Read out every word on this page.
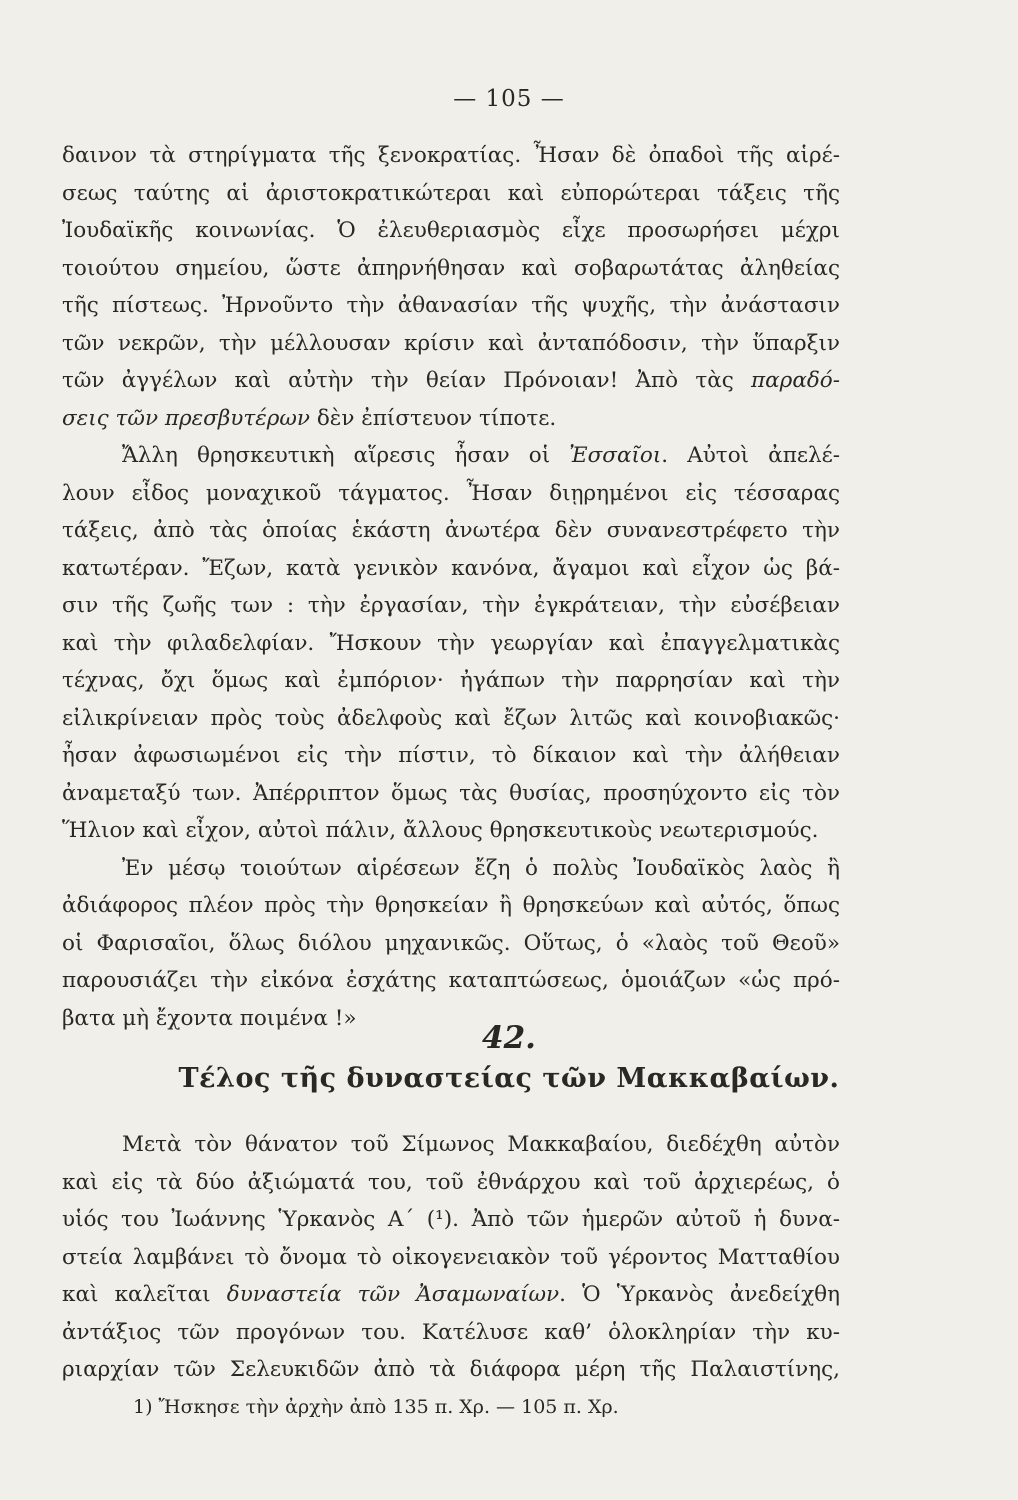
— 105 —
δαινον τὰ στηρίγματα τῆς ξενοκρατίας. Ἦσαν δὲ ὀπαδοὶ τῆς αἱρέ-
σεως ταύτης αἱ ἀριστοκρατικώτεραι καὶ εὐπορώτεραι τάξεις τῆς
Ἰουδαϊκῆς κοινωνίας. Ὁ ἐλευθεριασμὸς εἶχε προσωρήσει μέχρι
τοιούτου σημείου, ὥστε ἀπηρνήθησαν καὶ σοβαρωτάτας ἀληθείας
τῆς πίστεως. Ἠρνοῦντο τὴν ἀθανασίαν τῆς ψυχῆς, τὴν ἀνάστασιν
τῶν νεκρῶν, τὴν μέλλουσαν κρίσιν καὶ ἀνταπόδοσιν, τὴν ὕπαρξιν
τῶν ἀγγέλων καὶ αὐτὴν τὴν θείαν Πρόνοιαν! Ἀπὸ τὰς παραδό-
σεις τῶν πρεσβυτέρων δὲν ἐπίστευον τίποτε.
Ἄλλη θρησκευτικὴ αἵρεσις ἦσαν οἱ Ἐσσαῖοι. Αὐτοὶ ἀπελέ-
λουν εἶδος μοναχικοῦ τάγματος. Ἦσαν διῃρημένοι εἰς τέσσαρας
τάξεις, ἀπὸ τὰς ὁποίας ἑκάστη ἀνωτέρα δὲν συνανεστρέφετο τὴν
κατωτέραν. Ἔζων, κατὰ γενικὸν κανόνα, ἄγαμοι καὶ εἶχον ὡς βά-
σιν τῆς ζωῆς των : τὴν ἐργασίαν, τὴν ἐγκράτειαν, τὴν εὐσέβειαν
καὶ τὴν φιλαδελφίαν. Ἤσκουν τὴν γεωργίαν καὶ ἐπαγγελματικὰς
τέχνας, ὄχι ὅμως καὶ ἐμπόριον· ἠγάπων τὴν παρρησίαν καὶ τὴν
εἰλικρίνειαν πρὸς τοὺς ἀδελφοὺς καὶ ἔζων λιτῶς καὶ κοινοβιακῶς·
ἦσαν ἀφωσιωμένοι εἰς τὴν πίστιν, τὸ δίκαιον καὶ τὴν ἀλήθειαν
ἀναμεταξύ των. Ἀπέρριπτον ὅμως τὰς θυσίας, προσηύχοντο εἰς τὸν
Ἥλιον καὶ εἶχον, αὐτοὶ πάλιν, ἄλλους θρησκευτικοὺς νεωτερισμούς.
Ἐν μέσῳ τοιούτων αἱρέσεων ἔζη ὁ πολὺς Ἰουδαϊκὸς λαὸς ἢ
ἀδιάφορος πλέον πρὸς τὴν θρησκείαν ἢ θρησκεύων καὶ αὐτός, ὅπως
οἱ Φαρισαῖοι, ὅλως διόλου μηχανικῶς. Οὕτως, ὁ «λαὸς τοῦ Θεοῦ»
παρουσιάζει τὴν εἰκόνα ἐσχάτης καταπτώσεως, ὁμοιάζων «ὡς πρό-
βατα μὴ ἔχοντα ποιμένα !»
42.
Τέλος τῆς δυναστείας τῶν Μακκαβαίων.
Μετὰ τὸν θάνατον τοῦ Σίμωνος Μακκαβαίου, διεδέχθη αὐτὸν
καὶ εἰς τὰ δύο ἀξιώματά του, τοῦ ἐθνάρχου καὶ τοῦ ἀρχιερέως, ὁ
υἱός του Ἰωάννης Ὑρκανὸς Α΄ (¹). Ἀπὸ τῶν ἡμερῶν αὐτοῦ ἡ δυνα-
στεία λαμβάνει τὸ ὄνομα τὸ οἰκογενειακὸν τοῦ γέροντος Ματταθίου
καὶ καλεῖται δυναστεία τῶν Ἀσαμωναίων. Ὁ Ὑρκανὸς ἀνεδείχθη
ἀντάξιος τῶν προγόνων του. Κατέλυσε καθ’ ὁλοκληρίαν τὴν κυ-
ριαρχίαν τῶν Σελευκιδῶν ἀπὸ τὰ διάφορα μέρη τῆς Παλαιστίνης,
1) Ἤσκησε τὴν ἀρχὴν ἀπὸ 135 π. Χρ. — 105 π. Χρ.
